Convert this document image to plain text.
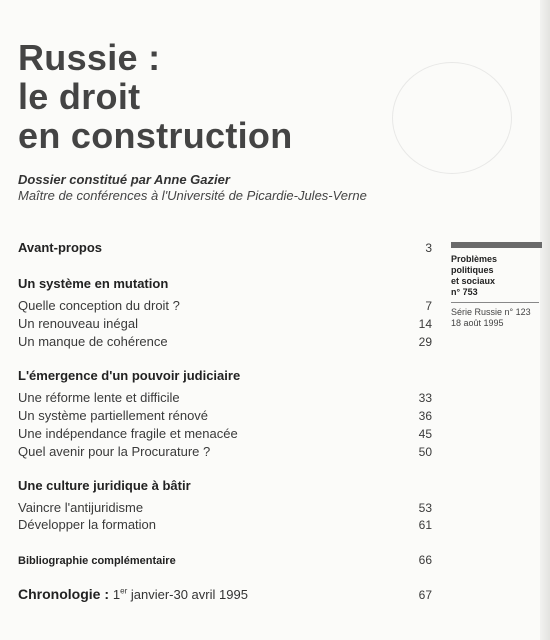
Russie :
le droit
en construction
Dossier constitué par Anne Gazier
Maître de conférences à l'Université de Picardie-Jules-Verne
Avant-propos	3
Un système en mutation
Quelle conception du droit ?	7
Un renouveau inégal	14
Un manque de cohérence	29
L'émergence d'un pouvoir judiciaire
Une réforme lente et difficile	33
Un système partiellement rénové	36
Une indépendance fragile et menacée	45
Quel avenir pour la Procurature ?	50
Une culture juridique à bâtir
Vaincre l'antijuridisme	53
Développer la formation	61
Bibliographie complémentaire	66
Chronologie : 1er janvier-30 avril 1995	67
Problèmes
politiques
et sociaux
n° 753
Série Russie n° 123
18 août 1995
